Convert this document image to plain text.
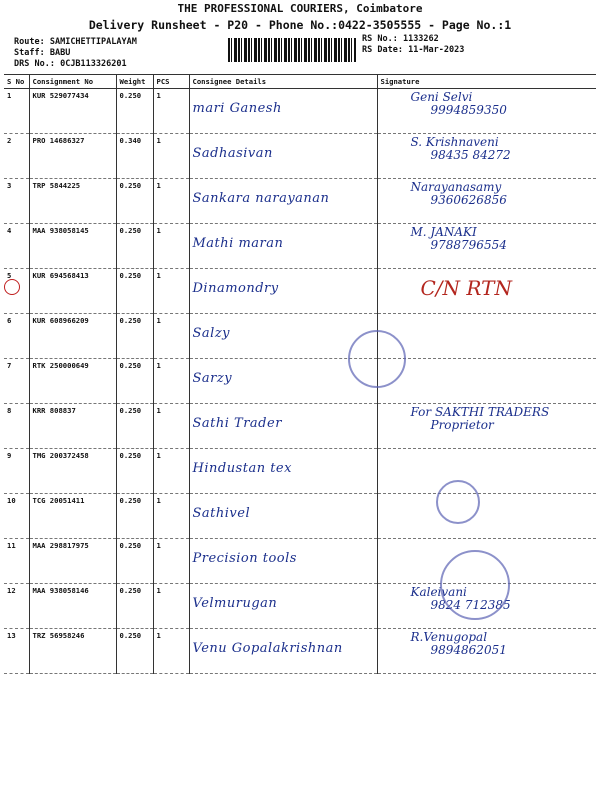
THE PROFESSIONAL COURIERS, Coimbatore
Delivery Runsheet - P20 - Phone No.:0422-3505555 - Page No.:1
Route: SAMICHETTIPALAYAM
Staff: BABU
DRS No.: 0CJB113326201
RS No.: 1133262
RS Date: 11-Mar-2023
S No	Consignment No	Weight	PCS	Consignee Details	Signature
1	KUR 529077434	0.250	1	mari Ganesh	Geni Selvi
9994859350

2	PRO 14686327	0.340	1	Sadhasivan	S. Krishnaveni
98435 84272

3	TRP 5844225	0.250	1	Sankara narayanan	Narayanasamy
9360626856

4	MAA 938058145	0.250	1	Mathi maran	M. JANAKI
9788796554

5	KUR 694568413	0.250	1	Dinamondry	C/N RTN

6	KUR 608966209	0.250	1	Salzy	

7	RTK 250000649	0.250	1	Sarzy	

8	KRR 808837	0.250	1	Sathi Trader	For SAKTHI TRADERS
Proprietor

9	TMG 200372458	0.250	1	Hindustan tex	

10	TCG 20051411	0.250	1	Sathivel	

11	MAA 298817975	0.250	1	Precision tools	

12	MAA 938058146	0.250	1	Velmurugan	Kaleivani
9824 712385

13	TRZ 56958246	0.250	1	Venu Gopalakrishnan	R.Venugopal
9894862051
